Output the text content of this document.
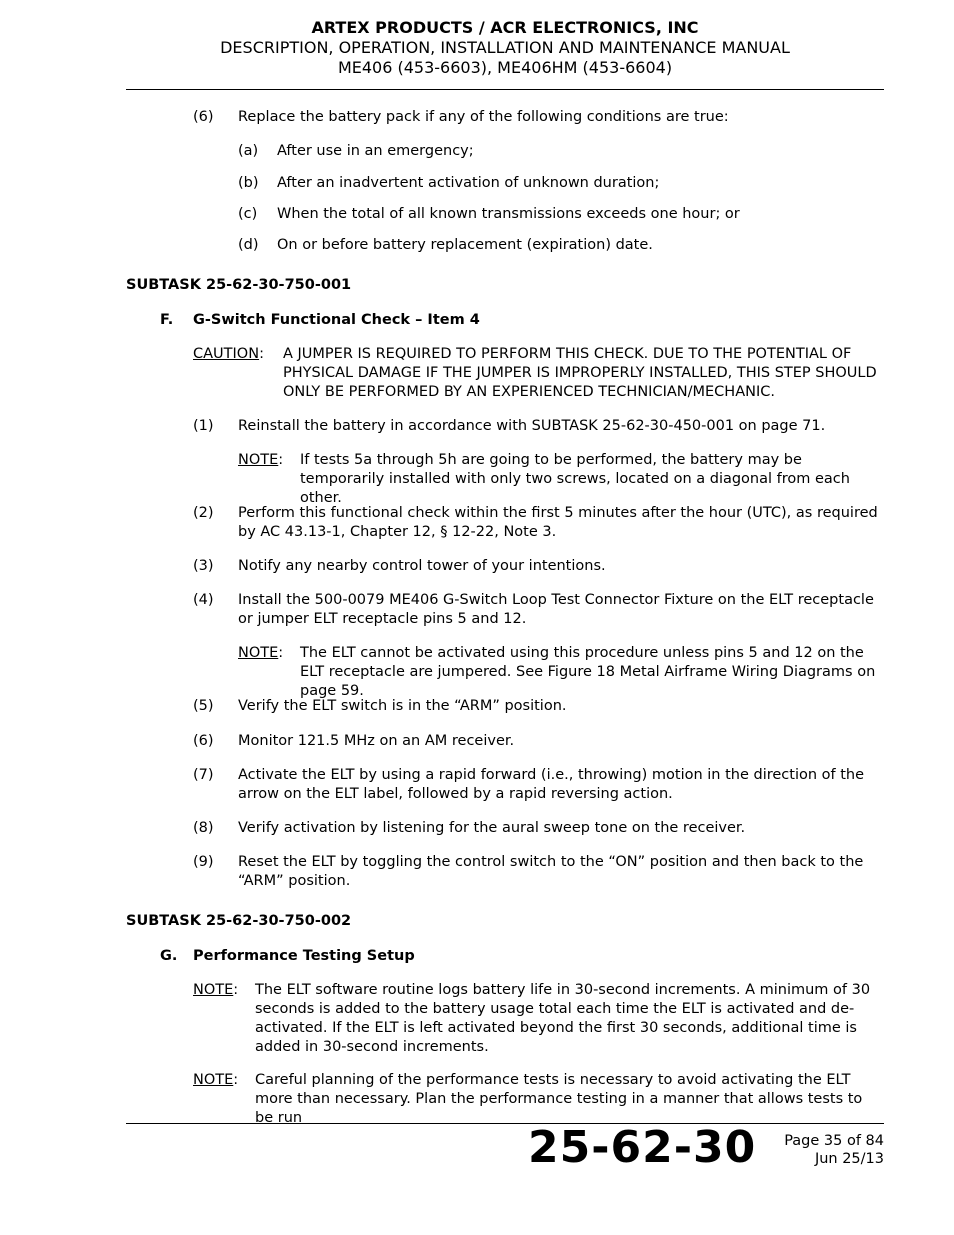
ARTEX PRODUCTS / ACR ELECTRONICS, INC
DESCRIPTION, OPERATION, INSTALLATION AND MAINTENANCE MANUAL
ME406 (453-6603), ME406HM (453-6604)
(6) Replace the battery pack if any of the following conditions are true:
(a) After use in an emergency;
(b) After an inadvertent activation of unknown duration;
(c) When the total of all known transmissions exceeds one hour; or
(d) On or before battery replacement (expiration) date.
SUBTASK 25-62-30-750-001
F. G-Switch Functional Check – Item 4
CAUTION: A JUMPER IS REQUIRED TO PERFORM THIS CHECK. DUE TO THE POTENTIAL OF PHYSICAL DAMAGE IF THE JUMPER IS IMPROPERLY INSTALLED, THIS STEP SHOULD ONLY BE PERFORMED BY AN EXPERIENCED TECHNICIAN/MECHANIC.
(1) Reinstall the battery in accordance with SUBTASK 25-62-30-450-001 on page 71.
NOTE: If tests 5a through 5h are going to be performed, the battery may be temporarily installed with only two screws, located on a diagonal from each other.
(2) Perform this functional check within the first 5 minutes after the hour (UTC), as required by AC 43.13-1, Chapter 12, § 12-22, Note 3.
(3) Notify any nearby control tower of your intentions.
(4) Install the 500-0079 ME406 G-Switch Loop Test Connector Fixture on the ELT receptacle or jumper ELT receptacle pins 5 and 12.
NOTE: The ELT cannot be activated using this procedure unless pins 5 and 12 on the ELT receptacle are jumpered. See Figure 18 Metal Airframe Wiring Diagrams on page 59.
(5) Verify the ELT switch is in the “ARM” position.
(6) Monitor 121.5 MHz on an AM receiver.
(7) Activate the ELT by using a rapid forward (i.e., throwing) motion in the direction of the arrow on the ELT label, followed by a rapid reversing action.
(8) Verify activation by listening for the aural sweep tone on the receiver.
(9) Reset the ELT by toggling the control switch to the “ON” position and then back to the “ARM” position.
SUBTASK 25-62-30-750-002
G. Performance Testing Setup
NOTE: The ELT software routine logs battery life in 30-second increments. A minimum of 30 seconds is added to the battery usage total each time the ELT is activated and de-activated. If the ELT is left activated beyond the first 30 seconds, additional time is added in 30-second increments.
NOTE: Careful planning of the performance tests is necessary to avoid activating the ELT more than necessary. Plan the performance testing in a manner that allows tests to be run
25-62-30 Page 35 of 84
Jun 25/13
